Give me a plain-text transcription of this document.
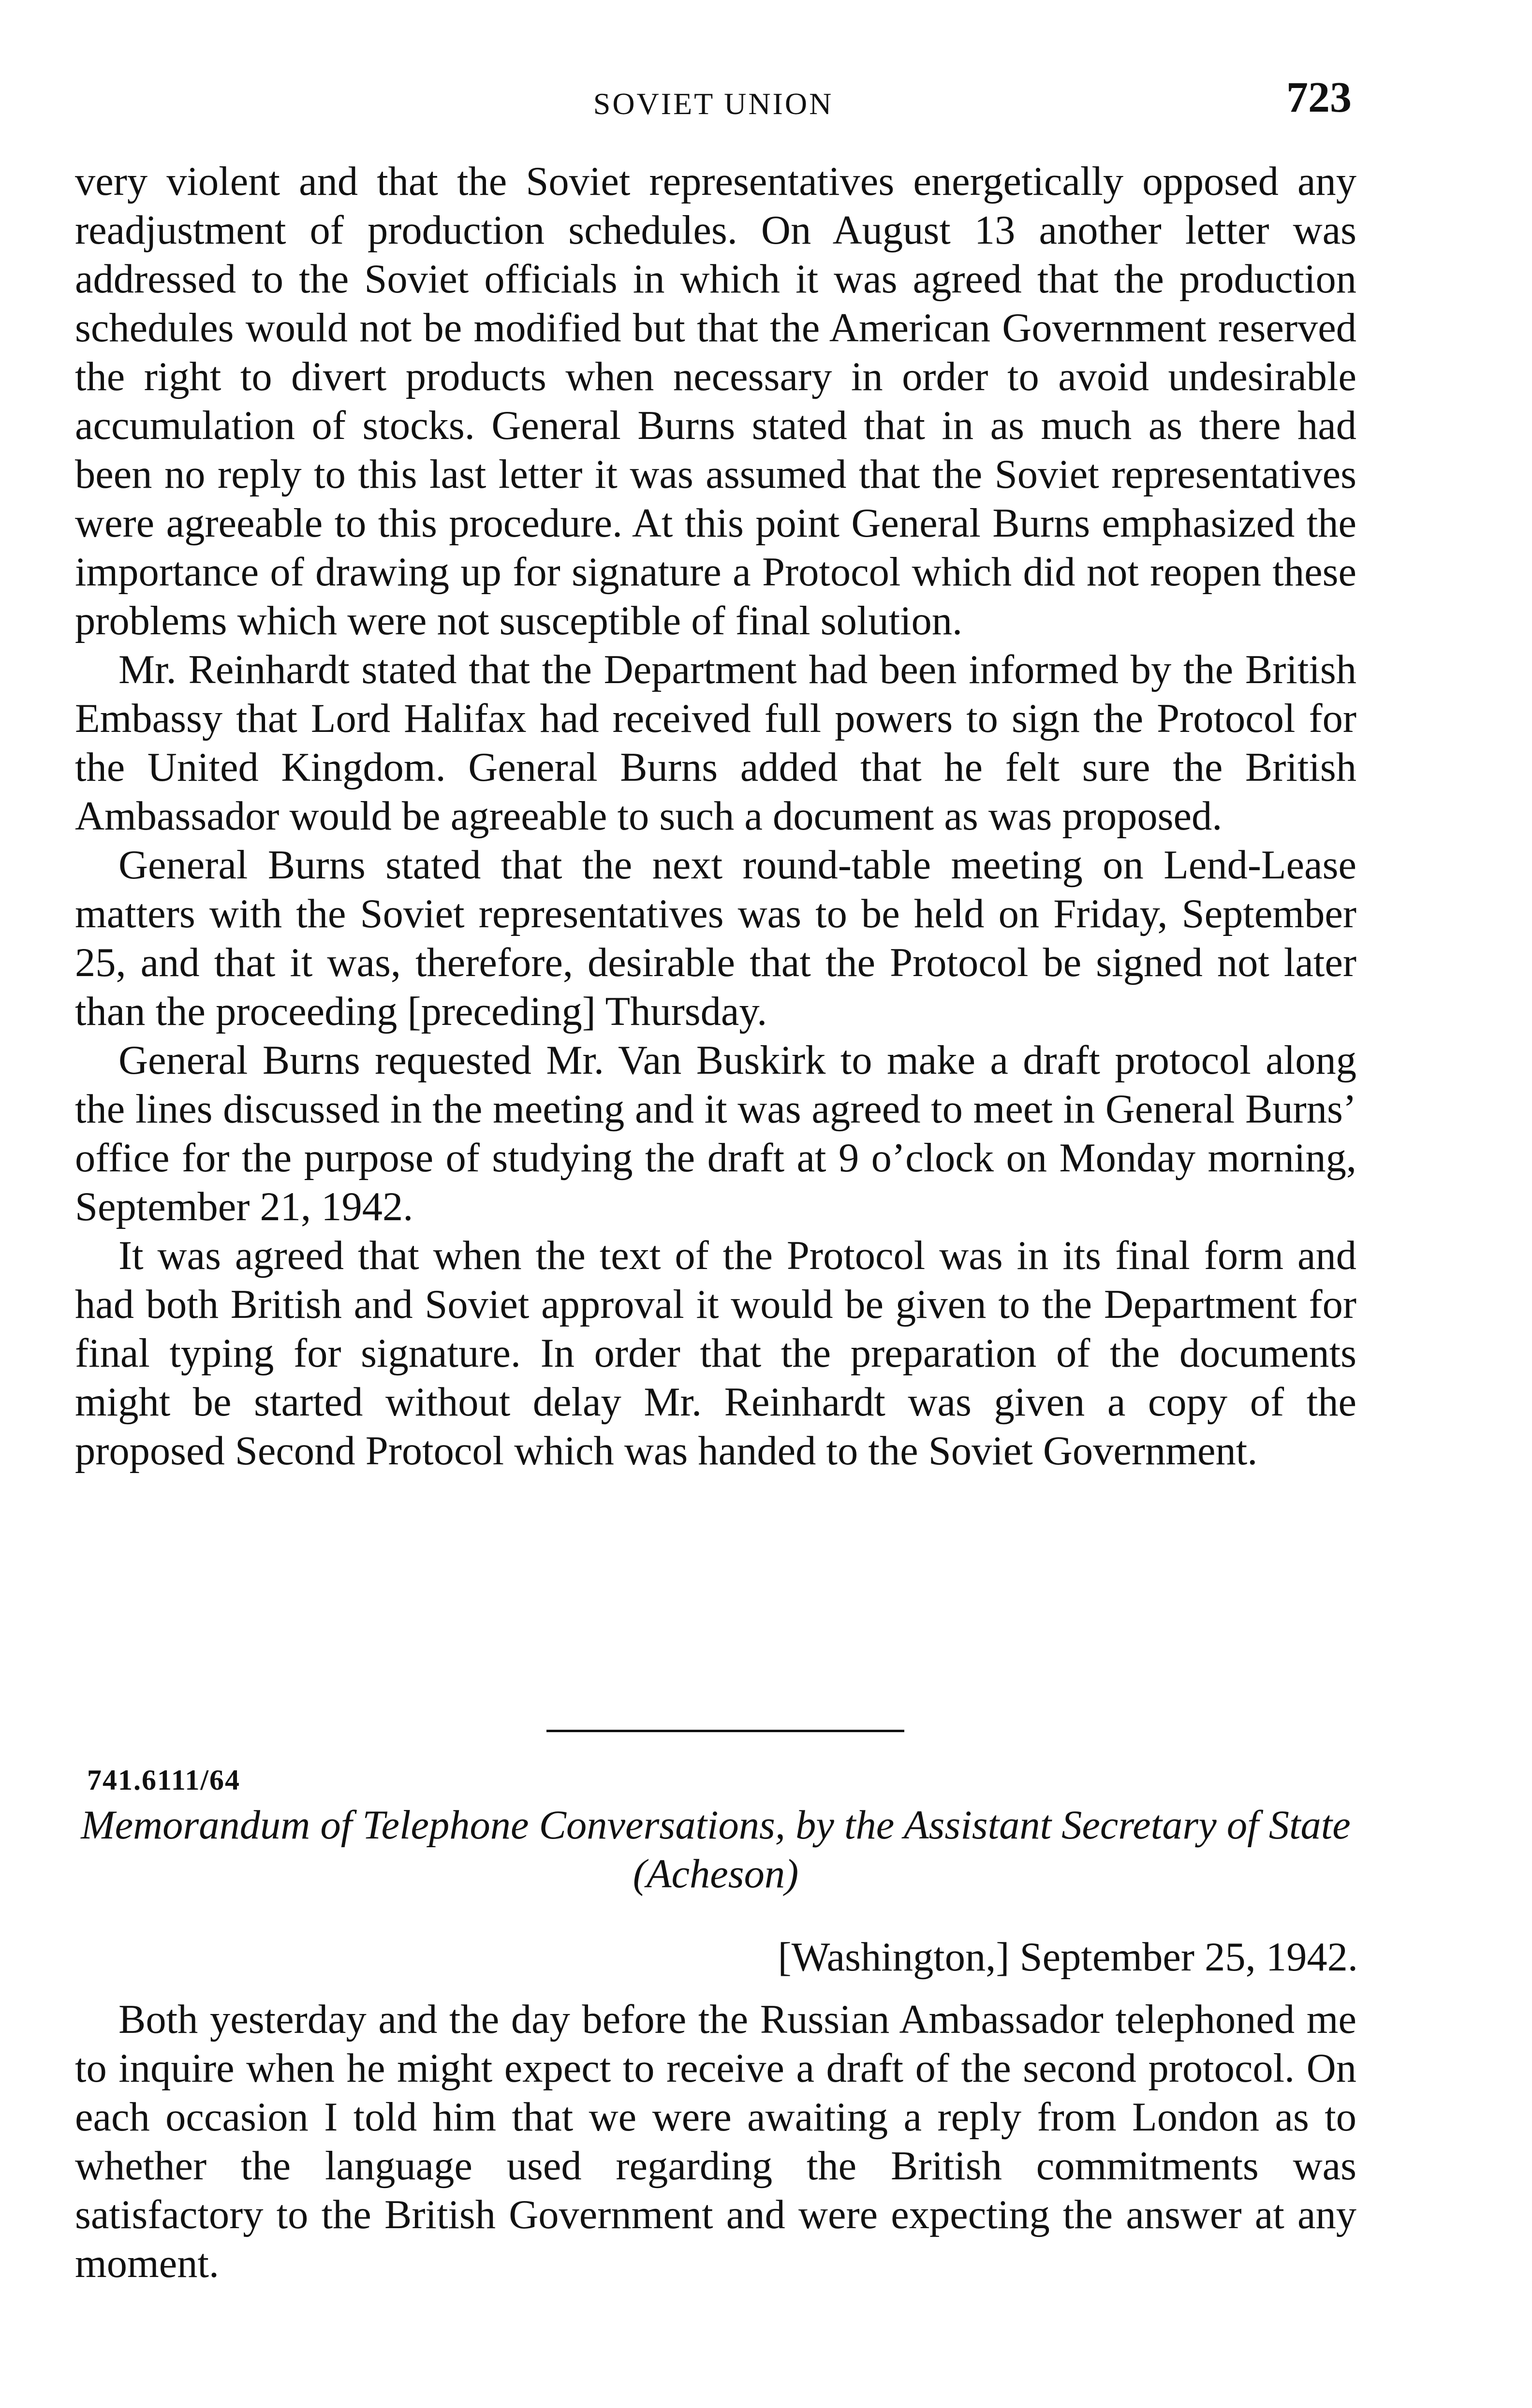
SOVIET UNION	723

very violent and that the Soviet representatives energetically opposed any readjustment of production schedules. On August 13 another letter was addressed to the Soviet officials in which it was agreed that the production schedules would not be modified but that the American Government reserved the right to divert products when necessary in order to avoid undesirable accumulation of stocks. General Burns stated that in as much as there had been no reply to this last letter it was assumed that the Soviet representatives were agreeable to this procedure. At this point General Burns emphasized the importance of drawing up for signature a Protocol which did not reopen these problems which were not susceptible of final solution.

Mr. Reinhardt stated that the Department had been informed by the British Embassy that Lord Halifax had received full powers to sign the Protocol for the United Kingdom. General Burns added that he felt sure the British Ambassador would be agreeable to such a document as was proposed.

General Burns stated that the next round-table meeting on Lend-Lease matters with the Soviet representatives was to be held on Friday, September 25, and that it was, therefore, desirable that the Protocol be signed not later than the proceeding [preceding] Thursday.

General Burns requested Mr. Van Buskirk to make a draft protocol along the lines discussed in the meeting and it was agreed to meet in General Burns’ office for the purpose of studying the draft at 9 o’clock on Monday morning, September 21, 1942.

It was agreed that when the text of the Protocol was in its final form and had both British and Soviet approval it would be given to the Department for final typing for signature. In order that the preparation of the documents might be started without delay Mr. Reinhardt was given a copy of the proposed Second Protocol which was handed to the Soviet Government.

741.6111/64
Memorandum of Telephone Conversations, by the Assistant Secretary of State (Acheson)
[Washington,] September 25, 1942.

Both yesterday and the day before the Russian Ambassador telephoned me to inquire when he might expect to receive a draft of the second protocol. On each occasion I told him that we were awaiting a reply from London as to whether the language used regarding the British commitments was satisfactory to the British Government and were expecting the answer at any moment.
